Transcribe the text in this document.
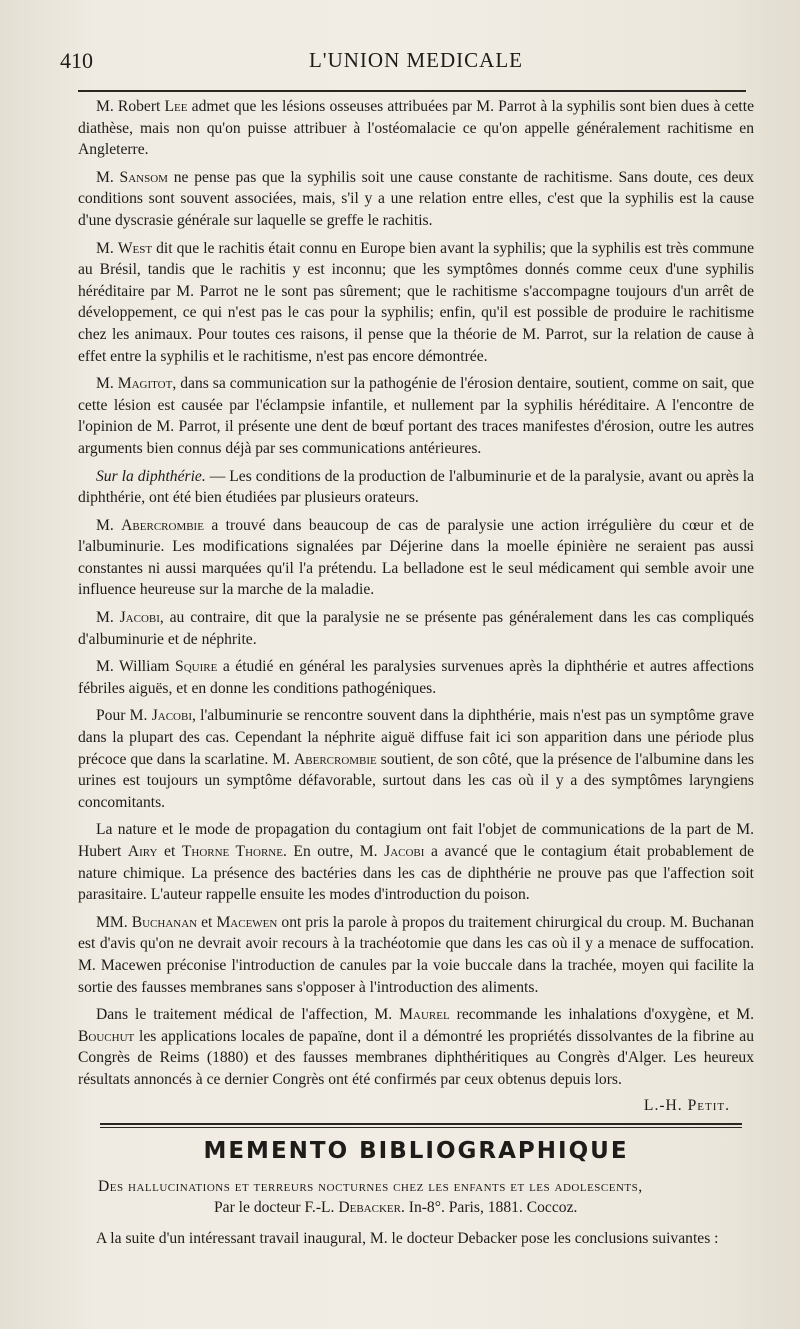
410	L'UNION MEDICALE

M. Robert Lee admet que les lésions osseuses attribuées par M. Parrot à la syphilis sont bien dues à cette diathèse, mais non qu'on puisse attribuer à l'ostéomalacie ce qu'on appelle généralement rachitisme en Angleterre.

M. Sansom ne pense pas que la syphilis soit une cause constante de rachitisme. Sans doute, ces deux conditions sont souvent associées, mais, s'il y a une relation entre elles, c'est que la syphilis est la cause d'une dyscrasie générale sur laquelle se greffe le rachitis.

M. West dit que le rachitis était connu en Europe bien avant la syphilis; que la syphilis est très commune au Brésil, tandis que le rachitis y est inconnu; que les symptômes donnés comme ceux d'une syphilis héréditaire par M. Parrot ne le sont pas sûrement; que le rachitisme s'accompagne toujours d'un arrêt de développement, ce qui n'est pas le cas pour la syphilis; enfin, qu'il est possible de produire le rachitisme chez les animaux. Pour toutes ces raisons, il pense que la théorie de M. Parrot, sur la relation de cause à effet entre la syphilis et le rachitisme, n'est pas encore démontrée.

M. Magitot, dans sa communication sur la pathogénie de l'érosion dentaire, soutient, comme on sait, que cette lésion est causée par l'éclampsie infantile, et nullement par la syphilis héréditaire. A l'encontre de l'opinion de M. Parrot, il présente une dent de bœuf portant des traces manifestes d'érosion, outre les autres arguments bien connus déjà par ses communications antérieures.

Sur la diphthérie. — Les conditions de la production de l'albuminurie et de la paralysie, avant ou après la diphthérie, ont été bien étudiées par plusieurs orateurs.

M. Abercrombie a trouvé dans beaucoup de cas de paralysie une action irrégulière du cœur et de l'albuminurie. Les modifications signalées par Déjerine dans la moelle épinière ne seraient pas aussi constantes ni aussi marquées qu'il l'a prétendu. La belladone est le seul médicament qui semble avoir une influence heureuse sur la marche de la maladie.

M. Jacobi, au contraire, dit que la paralysie ne se présente pas généralement dans les cas compliqués d'albuminurie et de néphrite.

M. William Squire a étudié en général les paralysies survenues après la diphthérie et autres affections fébriles aiguës, et en donne les conditions pathogéniques.

Pour M. Jacobi, l'albuminurie se rencontre souvent dans la diphthérie, mais n'est pas un symptôme grave dans la plupart des cas. Cependant la néphrite aiguë diffuse fait ici son apparition dans une période plus précoce que dans la scarlatine. M. Abercrombie soutient, de son côté, que la présence de l'albumine dans les urines est toujours un symptôme défavorable, surtout dans les cas où il y a des symptômes laryngiens concomitants.

La nature et le mode de propagation du contagium ont fait l'objet de communications de la part de M. Hubert Airy et Thorne Thorne. En outre, M. Jacobi a avancé que le contagium était probablement de nature chimique. La présence des bactéries dans les cas de diphthérie ne prouve pas que l'affection soit parasitaire. L'auteur rappelle ensuite les modes d'introduction du poison.

MM. Buchanan et Macewen ont pris la parole à propos du traitement chirurgical du croup. M. Buchanan est d'avis qu'on ne devrait avoir recours à la trachéotomie que dans les cas où il y a menace de suffocation. M. Macewen préconise l'introduction de canules par la voie buccale dans la trachée, moyen qui facilite la sortie des fausses membranes sans s'opposer à l'introduction des aliments.

Dans le traitement médical de l'affection, M. Maurel recommande les inhalations d'oxygène, et M. Bouchut les applications locales de papaïne, dont il a démontré les propriétés dissolvantes de la fibrine au Congrès de Reims (1880) et des fausses membranes diphthéritiques au Congrès d'Alger. Les heureux résultats annoncés à ce dernier Congrès ont été confirmés par ceux obtenus depuis lors.

L.-H. Petit.
MEMENTO BIBLIOGRAPHIQUE

Des hallucinations et terreurs nocturnes chez les enfants et les adolescents,
Par le docteur F.-L. Debacker. In-8°. Paris, 1881. Coccoz.

A la suite d'un intéressant travail inaugural, M. le docteur Debacker pose les conclusions suivantes :
